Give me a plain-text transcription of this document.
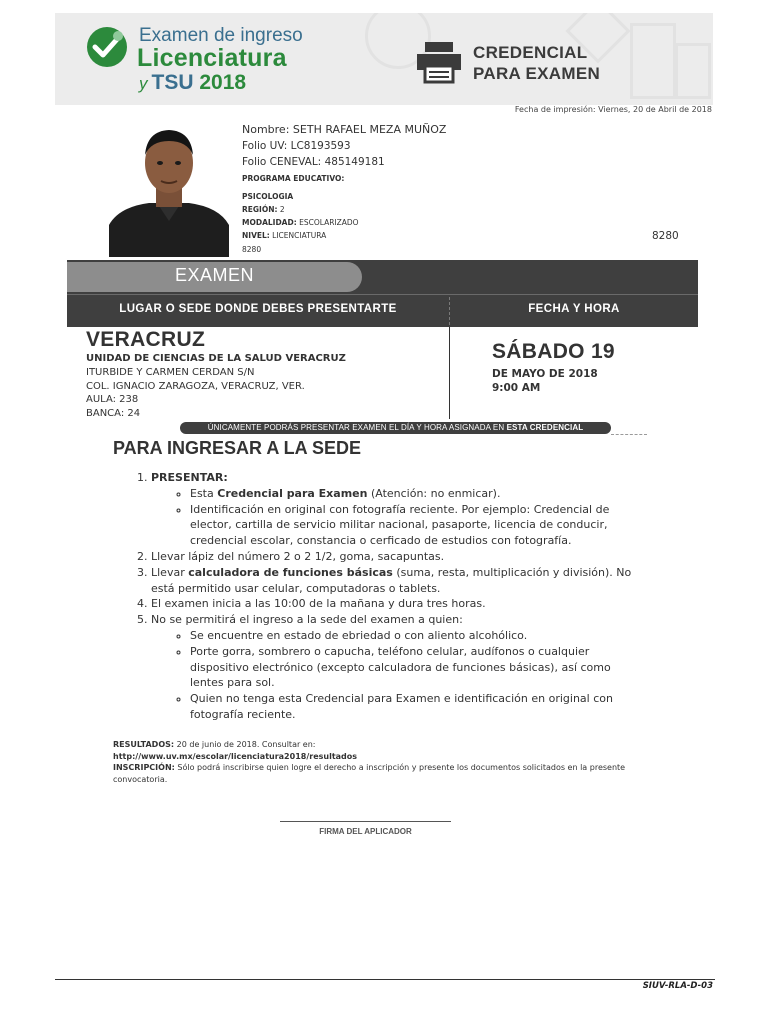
Examen de ingreso
Licenciatura
y TSU 2018
CREDENCIAL
PARA EXAMEN
Fecha de impresión: Viernes, 20 de Abril de 2018
Nombre: SETH RAFAEL MEZA MUÑOZ
Folio UV: LC8193593
Folio CENEVAL: 485149181
PROGRAMA EDUCATIVO:
PSICOLOGIA
REGIÓN: 2
MODALIDAD: ESCOLARIZADO
NIVEL: LICENCIATURA
8280
8280
EXAMEN
LUGAR O SEDE DONDE DEBES PRESENTARTE	FECHA Y HORA
VERACRUZ
UNIDAD DE CIENCIAS DE LA SALUD VERACRUZ
ITURBIDE Y CARMEN CERDAN S/N
COL. IGNACIO ZARAGOZA, VERACRUZ, VER.
AULA: 238
BANCA: 24
SÁBADO 19
DE MAYO DE 2018
9:00 AM
ÚNICAMENTE PODRÁS PRESENTAR EXAMEN EL DÍA Y HORA ASIGNADA EN ESTA CREDENCIAL
PARA INGRESAR A LA SEDE
1. PRESENTAR:
◦ Esta Credencial para Examen (Atención: no enmicar).
◦ Identificación en original con fotografía reciente. Por ejemplo: Credencial de elector, cartilla de servicio militar nacional, pasaporte, licencia de conducir, credencial escolar, constancia o cerficado de estudios con fotografía.
2. Llevar lápiz del número 2 o 2 1/2, goma, sacapuntas.
3. Llevar calculadora de funciones básicas (suma, resta, multiplicación y división). No está permitido usar celular, computadoras o tablets.
4. El examen inicia a las 10:00 de la mañana y dura tres horas.
5. No se permitirá el ingreso a la sede del examen a quien:
◦ Se encuentre en estado de ebriedad o con aliento alcohólico.
◦ Porte gorra, sombrero o capucha, teléfono celular, audífonos o cualquier dispositivo electrónico (excepto calculadora de funciones básicas), así como lentes para sol.
◦ Quien no tenga esta Credencial para Examen e identificación en original con fotografía reciente.
RESULTADOS: 20 de junio de 2018. Consultar en:
http://www.uv.mx/escolar/licenciatura2018/resultados
INSCRIPCIÓN: Sólo podrá inscribirse quien logre el derecho a inscripción y presente los documentos solicitados en la presente convocatoria.
FIRMA DEL APLICADOR
SIUV-RLA-D-03
